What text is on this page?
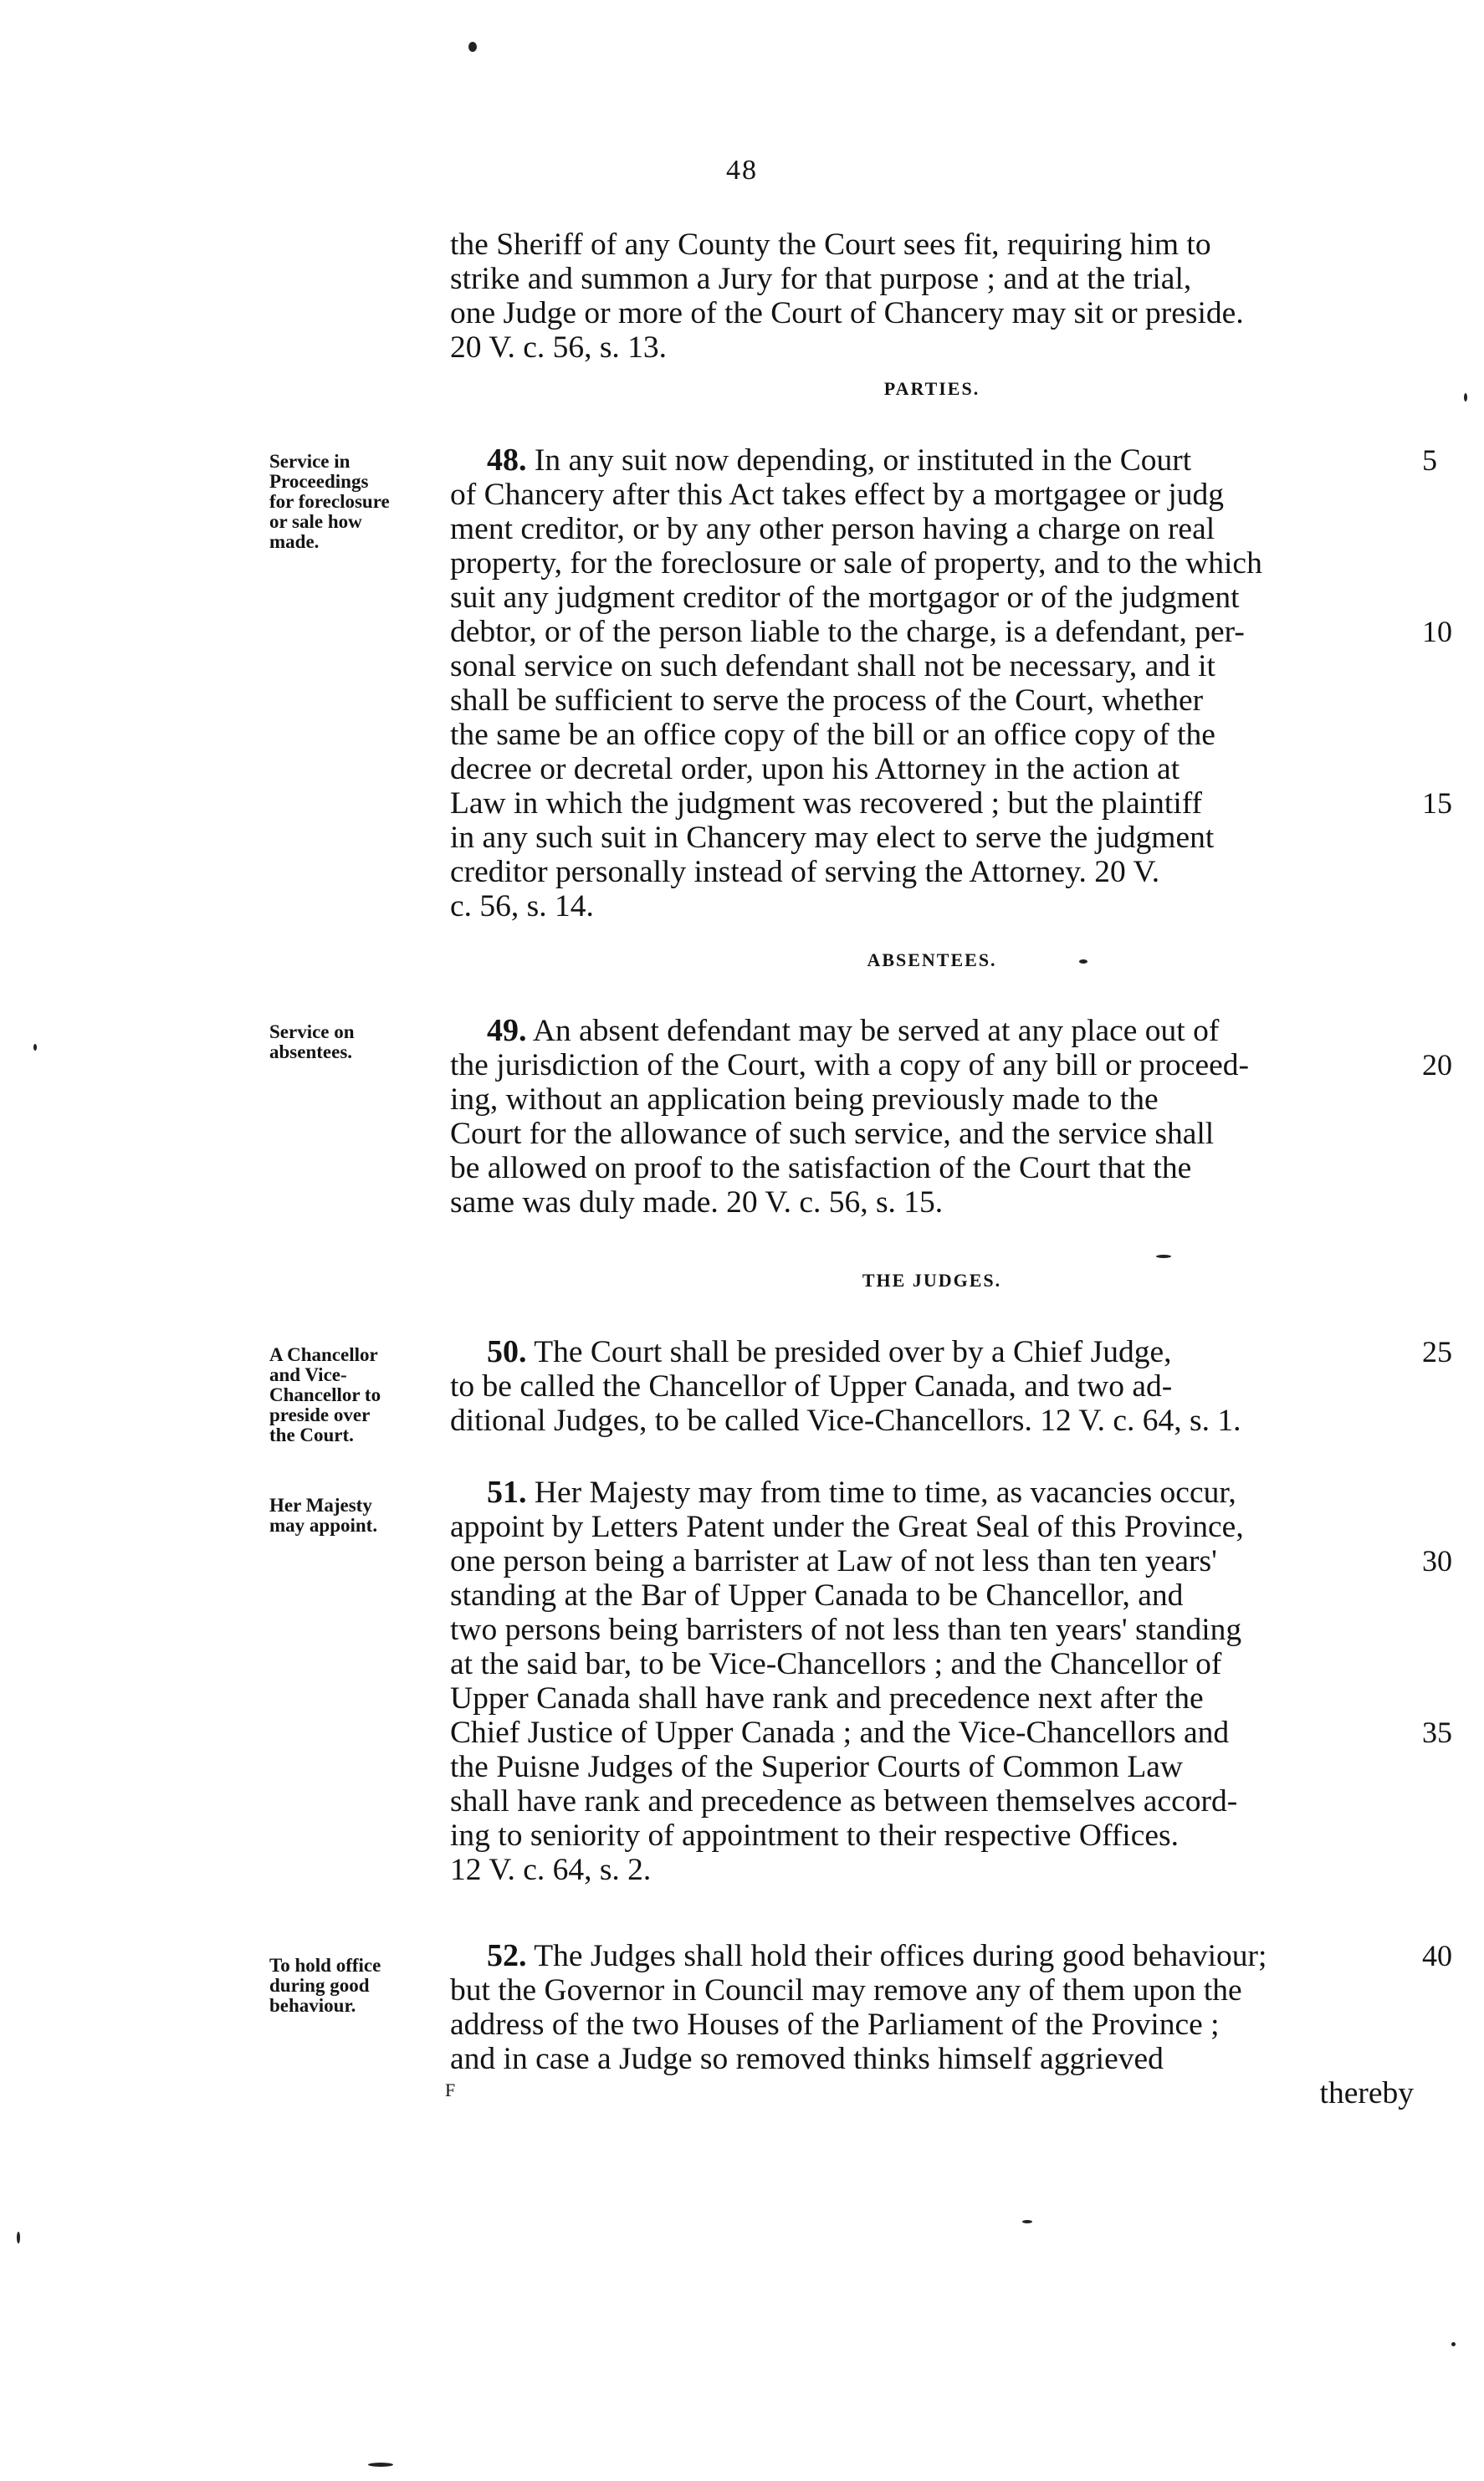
48
the Sheriff of any County the Court sees fit, requiring him to
strike and summon a Jury for that purpose ; and at the trial,
one Judge or more of the Court of Chancery may sit or preside.
20 V. c. 56, s. 13.
PARTIES.
Service in
Proceedings
for foreclosure
or sale how
made.
48. In any suit now depending, or instituted in the Court
of Chancery after this Act takes effect by a mortgagee or judg
ment creditor, or by any other person having a charge on real
property, for the foreclosure or sale of property, and to the which
suit any judgment creditor of the mortgagor or of the judgment
debtor, or of the person liable to the charge, is a defendant, per-
sonal service on such defendant shall not be necessary, and it
shall be sufficient to serve the process of the Court, whether
the same be an office copy of the bill or an office copy of the
decree or decretal order, upon his Attorney in the action at
Law in which the judgment was recovered ; but the plaintiff
in any such suit in Chancery may elect to serve the judgment
creditor personally instead of serving the Attorney. 20 V.
c. 56, s. 14.
ABSENTEES.
Service on
absentees.
49. An absent defendant may be served at any place out of
the jurisdiction of the Court, with a copy of any bill or proceed-
ing, without an application being previously made to the
Court for the allowance of such service, and the service shall
be allowed on proof to the satisfaction of the Court that the
same was duly made. 20 V. c. 56, s. 15.
THE JUDGES.
A Chancellor
and Vice-
Chancellor to
preside over
the Court.
50. The Court shall be presided over by a Chief Judge,
to be called the Chancellor of Upper Canada, and two ad-
ditional Judges, to be called Vice-Chancellors. 12 V. c. 64, s. 1.
Her Majesty
may appoint.
51. Her Majesty may from time to time, as vacancies occur,
appoint by Letters Patent under the Great Seal of this Province,
one person being a barrister at Law of not less than ten years'
standing at the Bar of Upper Canada to be Chancellor, and
two persons being barristers of not less than ten years' standing
at the said bar, to be Vice-Chancellors ; and the Chancellor of
Upper Canada shall have rank and precedence next after the
Chief Justice of Upper Canada ; and the Vice-Chancellors and
the Puisne Judges of the Superior Courts of Common Law
shall have rank and precedence as between themselves accord-
ing to seniority of appointment to their respective Offices.
12 V. c. 64, s. 2.
To hold office
during good
behaviour.
52. The Judges shall hold their offices during good behaviour;
but the Governor in Council may remove any of them upon the
address of the two Houses of the Parliament of the Province ;
and in case a Judge so removed thinks himself aggrieved
thereby
F
5
10
15
20
25
30
35
40
